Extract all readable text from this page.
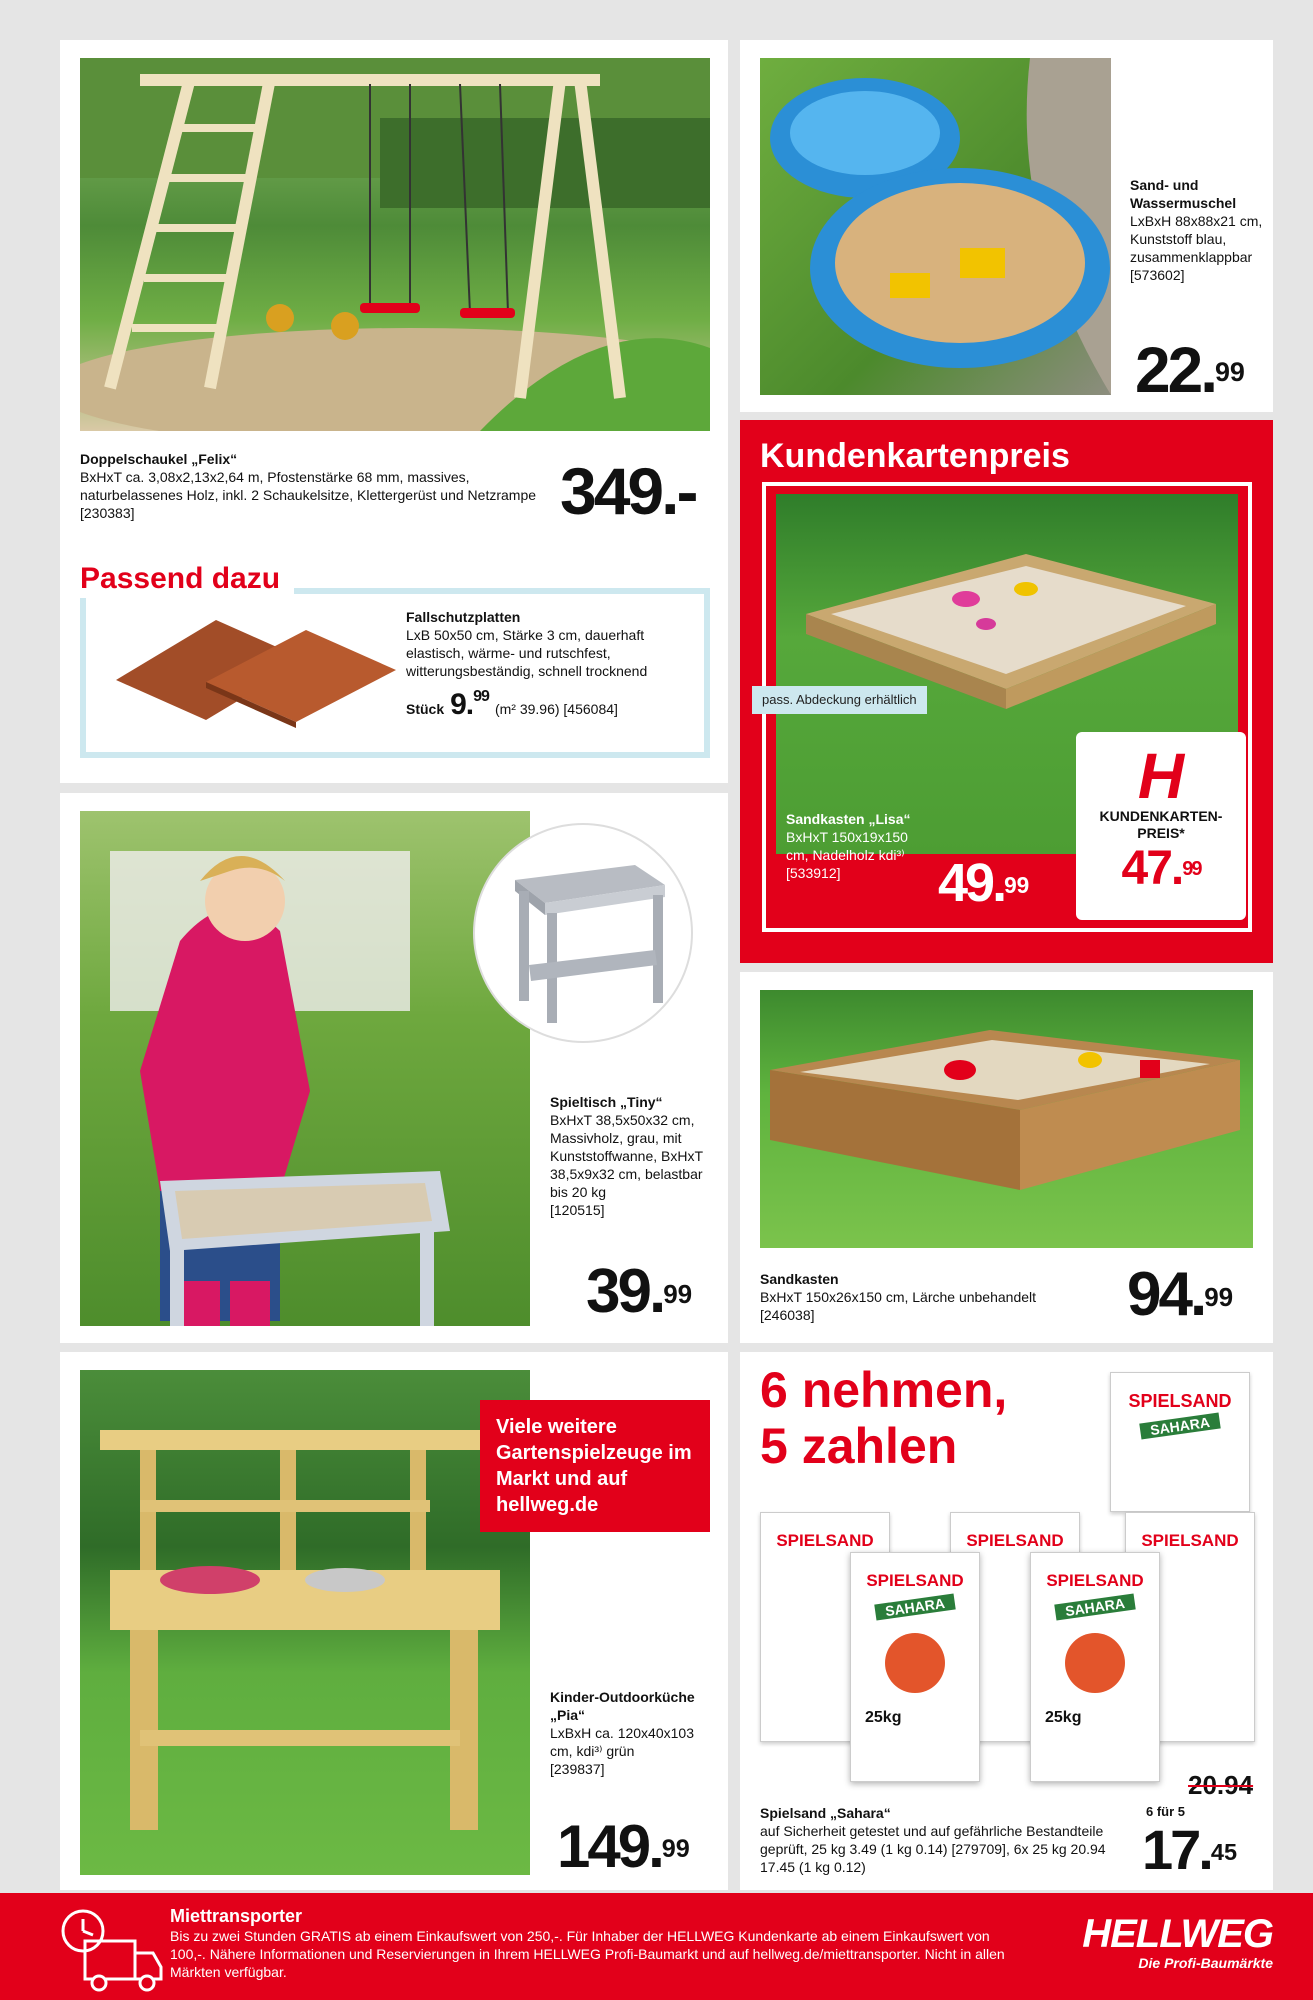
Doppelschaukel „Felix“
BxHxT ca. 3,08x2,13x2,64 m, Pfostenstärke 68 mm, massives, naturbelassenes Holz, inkl. 2 Schaukelsitze, Klettergerüst und Netzrampe
[230383]	349.-
Passend dazu
Fallschutzplatten
LxB 50x50 cm, Stärke 3 cm, dauerhaft elastisch, wärme- und rutschfest, witterungsbeständig, schnell trocknend
Stück 9.99
(m² 39.96) [456084]
Sand- und Wassermuschel
LxBxH 88x88x21 cm, Kunststoff blau, zusammenklappbar
[573602]
22.99
Kundenkartenpreis
pass. Abdeckung erhältlich
Sandkasten „Lisa“
BxHxT 150x19x150 cm, Nadelholz kdi³⁾
[533912]	49.99
H
KUNDENKARTEN-PREIS*
47.99
Spieltisch „Tiny“
BxHxT 38,5x50x32 cm, Massivholz, grau, mit Kunststoffwanne, BxHxT 38,5x9x32 cm, belastbar bis 20 kg
[120515]
39.99
Sandkasten
BxHxT 150x26x150 cm, Lärche unbehandelt
[246038]	94.99
Viele weitere Gartenspielzeuge im Markt und auf hellweg.de
Kinder-Outdoorküche „Pia“
LxBxH ca. 120x40x103 cm, kdi³⁾ grün
[239837]
149.99
6 nehmen,
5 zahlen
SPIELSAND
SAHARA
SPIELSAND	SPIELSAND	SPIELSAND
SPIELSAND
SAHARA
25kg
SPIELSAND
SAHARA
25kg
20.94
6 für 5
Spielsand „Sahara“
auf Sicherheit getestet und auf gefährliche Bestandteile geprüft, 25 kg 3.49 (1 kg 0.14) [279709], 6x 25 kg 20.94 17.45 (1 kg 0.12)	17.45
Miettransporter
Bis zu zwei Stunden GRATIS ab einem Einkaufswert von 250,-. Für Inhaber der HELLWEG Kundenkarte ab einem Einkaufswert von 100,-. Nähere Informationen und Reservierungen in Ihrem HELLWEG Profi-Baumarkt und auf hellweg.de/miettransporter. Nicht in allen Märkten verfügbar.
HELLWEG
Die Profi-Baumärkte
